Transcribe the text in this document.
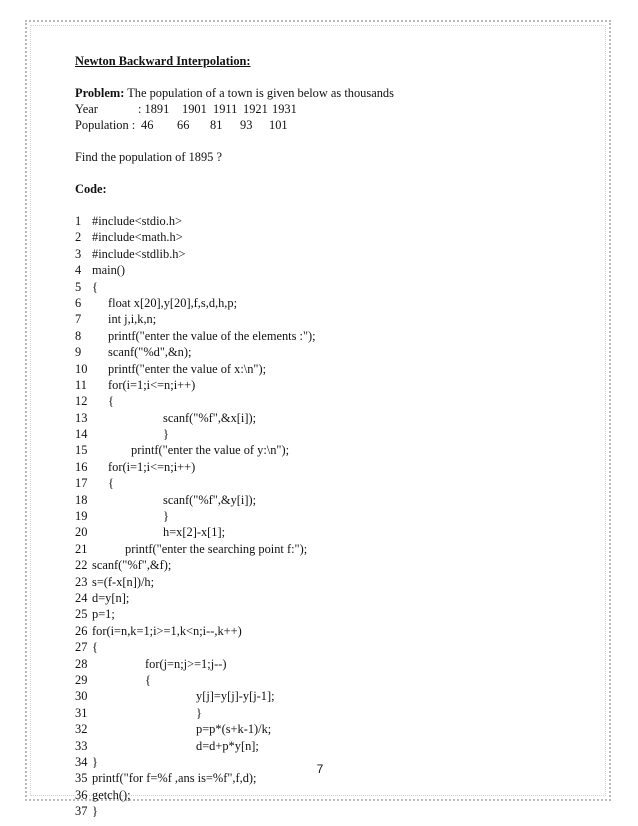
Newton Backward Interpolation:
Problem: The population of a town is given below as thousands
Year	: 1891 1901 1911 1921 1931
Population : 46 66 81 93 101
Find the population of 1895 ?
Code:
1 #include<stdio.h>
2 #include<math.h>
3 #include<stdlib.h>
4 main()
5 {
6 float x[20],y[20],f,s,d,h,p;
7 int j,i,k,n;
8 printf("enter the value of the elements :");
9 scanf("%d",&n);
10 printf("enter the value of x:\n");
11 for(i=1;i<=n;i++)
12 {
13	scanf("%f",&x[i]);
14	}
15	printf("enter the value of y:\n");
16 for(i=1;i<=n;i++)
17 {
18	scanf("%f",&y[i]);
19	}
20	h=x[2]-x[1];
21	printf("enter the searching point f:");
22 scanf("%f",&f);
23 s=(f-x[n])/h;
24 d=y[n];
25 p=1;
26 for(i=n,k=1;i>=1,k<n;i--,k++)
27 {
28	for(j=n;j>=1;j--)
29	{
30	y[j]=y[j]-y[j-1];
31	}
32	p=p*(s+k-1)/k;
33	d=d+p*y[n];
34 }
35 printf("for f=%f ,ans is=%f",f,d);
36 getch();
37 }
7
